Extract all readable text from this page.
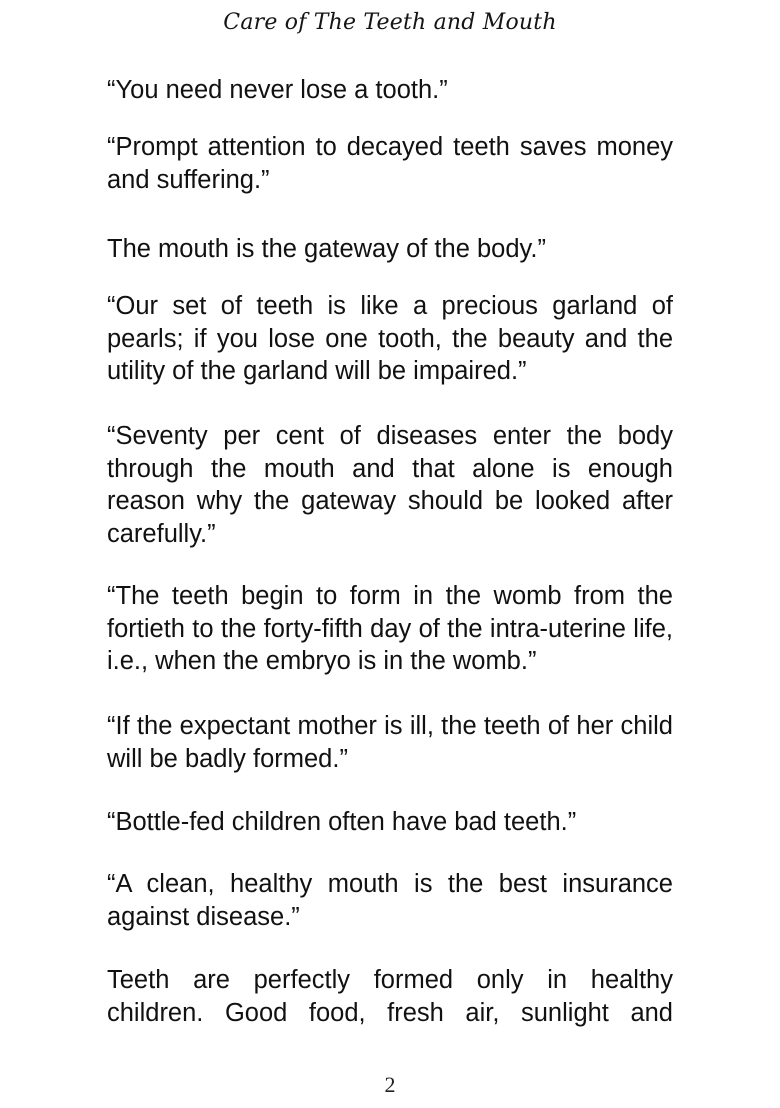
Care of The Teeth and Mouth

“You need never lose a tooth.”

“Prompt attention to decayed teeth saves money and suffering.”

The mouth is the gateway of the body.”

“Our set of teeth is like a precious garland of pearls; if you lose one tooth, the beauty and the utility of the garland will be impaired.”

“Seventy per cent of diseases enter the body through the mouth and that alone is enough reason why the gateway should be looked after carefully.”

“The teeth begin to form in the womb from the fortieth to the forty-fifth day of the intra-uterine life, i.e., when the embryo is in the womb.”

“If the expectant mother is ill, the teeth of her child will be badly formed.”

“Bottle-fed children often have bad teeth.”

“A clean, healthy mouth is the best insurance against disease.”

Teeth are perfectly formed only in healthy children. Good food, fresh air, sunlight and

2
